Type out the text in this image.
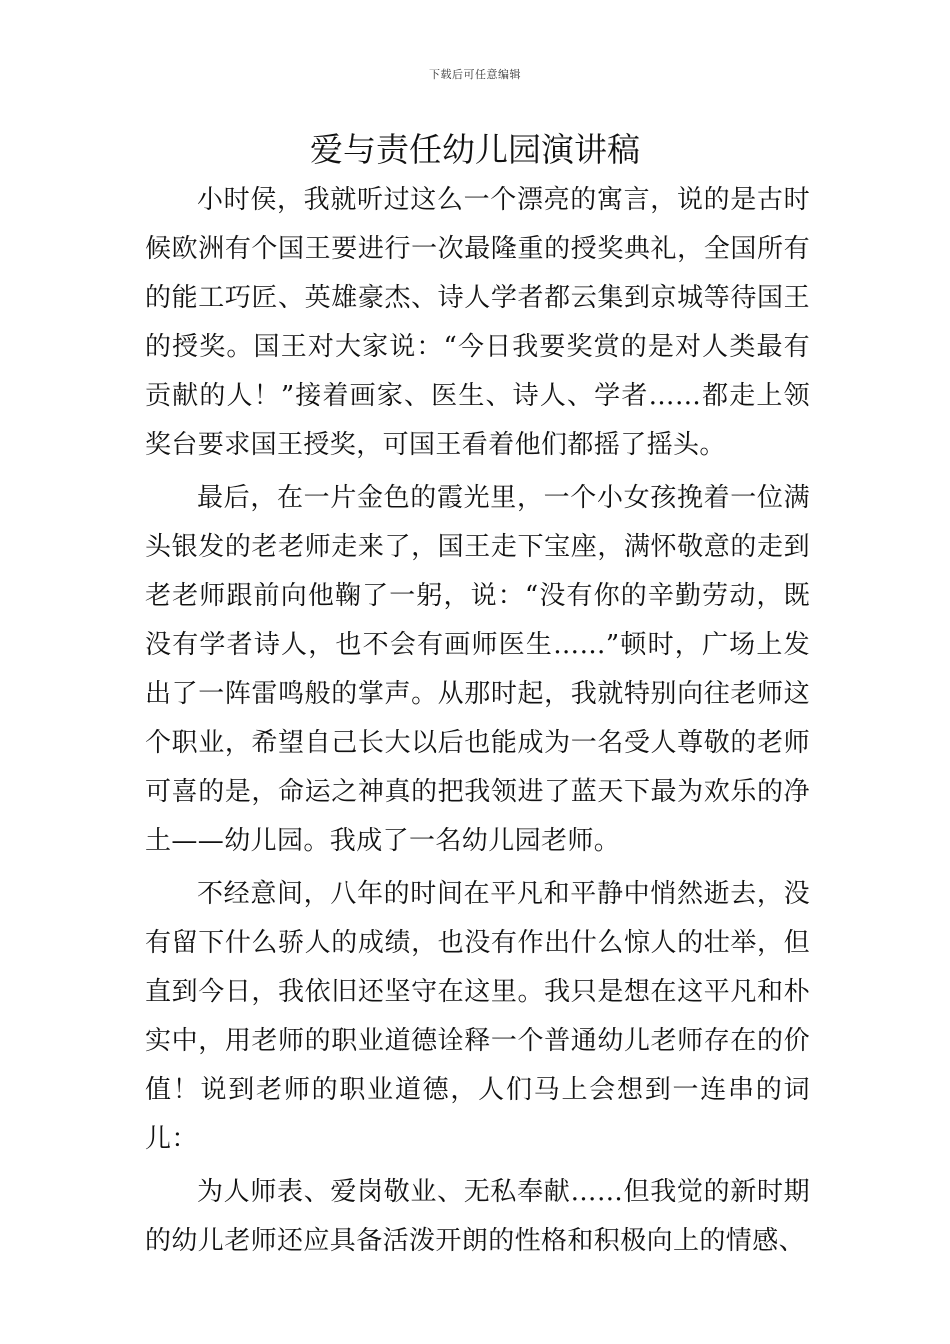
下载后可任意编辑
爱与责任幼儿园演讲稿

小时侯，我就听过这么一个漂亮的寓言，说的是古时候欧洲有个国王要进行一次最隆重的授奖典礼，全国所有的能工巧匠、英雄豪杰、诗人学者都云集到京城等待国王的授奖。国王对大家说：“今日我要奖赏的是对人类最有贡献的人！”接着画家、医生、诗人、学者……都走上领奖台要求国王授奖，可国王看着他们都摇了摇头。

最后，在一片金色的霞光里，一个小女孩挽着一位满头银发的老老师走来了，国王走下宝座，满怀敬意的走到老老师跟前向他鞠了一躬，说：“没有你的辛勤劳动，既没有学者诗人，也不会有画师医生……”顿时，广场上发出了一阵雷鸣般的掌声。从那时起，我就特别向往老师这个职业，希望自己长大以后也能成为一名受人尊敬的老师可喜的是，命运之神真的把我领进了蓝天下最为欢乐的净土——幼儿园。我成了一名幼儿园老师。

不经意间，八年的时间在平凡和平静中悄然逝去，没有留下什么骄人的成绩，也没有作出什么惊人的壮举，但直到今日，我依旧还坚守在这里。我只是想在这平凡和朴实中，用老师的职业道德诠释一个普通幼儿老师存在的价值！说到老师的职业道德，人们马上会想到一连串的词儿：

为人师表、爱岗敬业、无私奉献……但我觉的新时期的幼儿老师还应具备活泼开朗的性格和积极向上的情感、
